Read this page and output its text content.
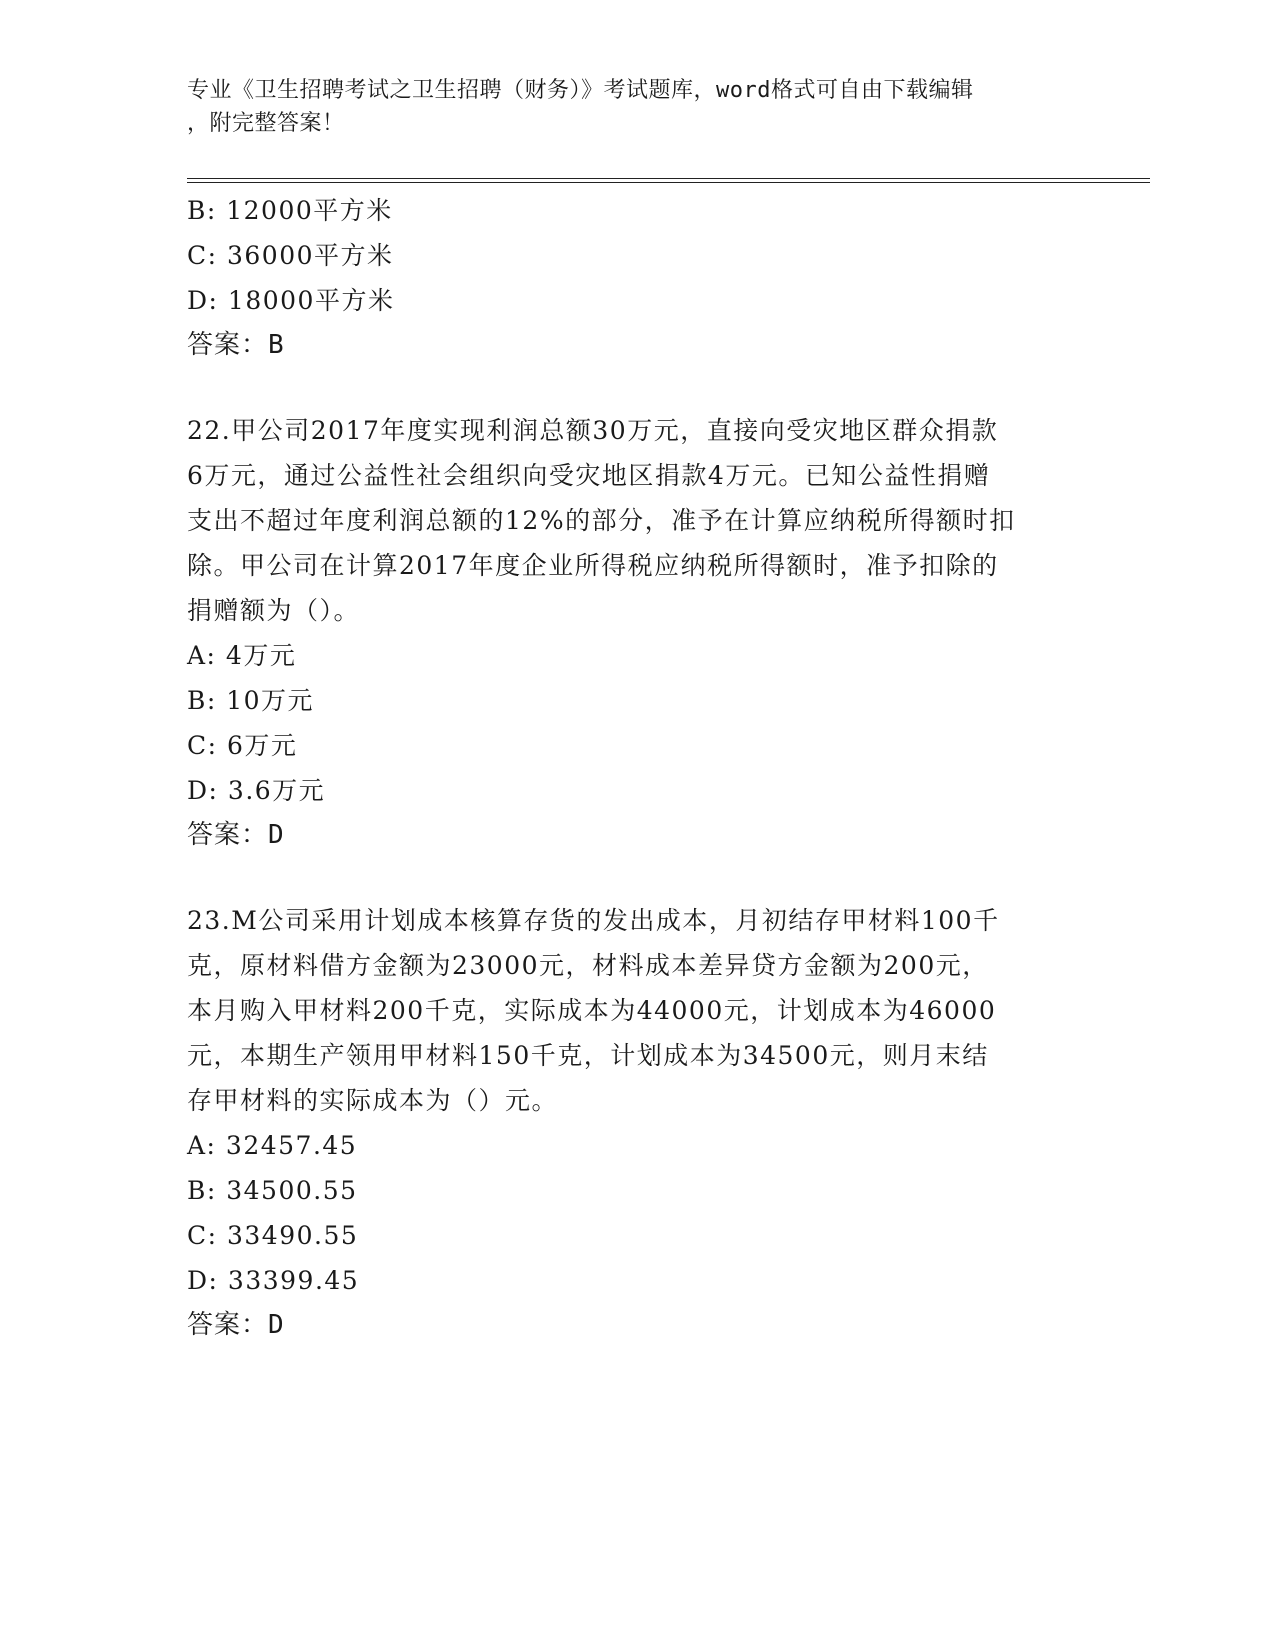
专业《卫生招聘考试之卫生招聘（财务）》考试题库，word格式可自由下载编辑
，附完整答案！
B: 12000平方米
C: 36000平方米
D: 18000平方米
答案：B
22.甲公司2017年度实现利润总额30万元，直接向受灾地区群众捐款
6万元，通过公益性社会组织向受灾地区捐款4万元。已知公益性捐赠
支出不超过年度利润总额的12%的部分，准予在计算应纳税所得额时扣
除。甲公司在计算2017年度企业所得税应纳税所得额时，准予扣除的
捐赠额为（）。
A: 4万元
B: 10万元
C: 6万元
D: 3.6万元
答案：D
23.M公司采用计划成本核算存货的发出成本，月初结存甲材料100千
克，原材料借方金额为23000元，材料成本差异贷方金额为200元，
本月购入甲材料200千克，实际成本为44000元，计划成本为46000
元，本期生产领用甲材料150千克，计划成本为34500元，则月末结
存甲材料的实际成本为（）元。
A: 32457.45
B: 34500.55
C: 33490.55
D: 33399.45
答案：D
